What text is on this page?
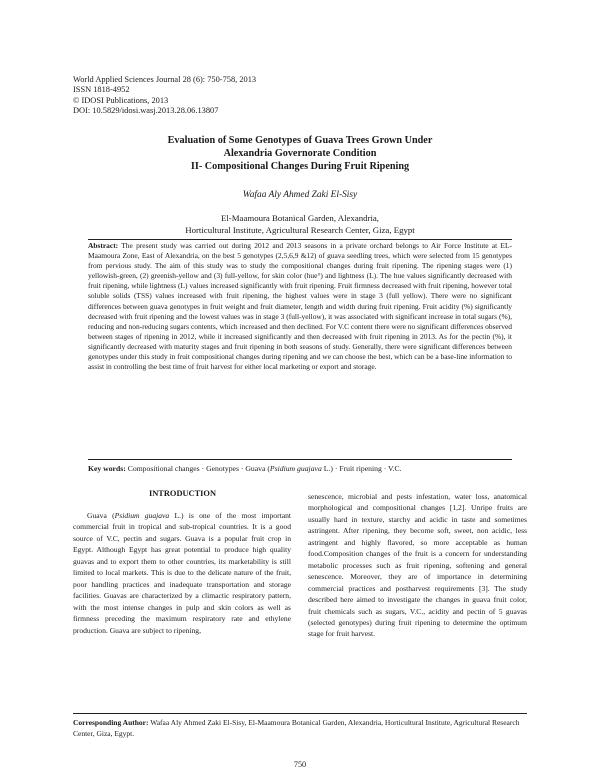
World Applied Sciences Journal 28 (6): 750-758, 2013
ISSN 1818-4952
© IDOSI Publications, 2013
DOI: 10.5829/idosi.wasj.2013.28.06.13807
Evaluation of Some Genotypes of Guava Trees Grown Under
Alexandria Governorate Condition
II- Compositional Changes During Fruit Ripening
Wafaa Aly Ahmed Zaki El-Sisy
El-Maamoura Botanical Garden, Alexandria,
Horticultural Institute, Agricultural Research Center, Giza, Egypt
Abstract: The present study was carried out during 2012 and 2013 seasons in a private orchard belongs to Air Force Institute at EL-Maamoura Zone, East of Alexandria, on the best 5 genotypes (2,5,6,9 &12) of guava seedling trees, which were selected from 15 genotypes from pervious study. The aim of this study was to study the compositional changes during fruit ripening. The ripening stages were (1) yellowish-green, (2) greenish-yellow and (3) full-yellow, for skin color (hue°) and lightness (L). The hue values significantly decreased with fruit ripening, while lightness (L) values increased significantly with fruit ripening. Fruit firmness decreased with fruit ripening, however total soluble solids (TSS) values increased with fruit ripening, the highest values were in stage 3 (full yellow). There were no significant differences between guava genotypes in fruit weight and fruit diameter, length and width during fruit ripening. Fruit acidity (%) significantly decreased with fruit ripening and the lowest values was in stage 3 (full-yellow), it was associated with significant increase in total sugars (%), reducing and non-reducing sugars contents, which increased and then declined. For V.C content there were no significant differences observed between stages of ripening in 2012, while it increased significantly and then decreased with fruit ripening in 2013. As for the pectin (%), it significantly decreased with maturity stages and fruit ripening in both seasons of study. Generally, there were significant differences between genotypes under this study in fruit compositional changes during ripening and we can choose the best, which can be a base-line information to assist in controlling the best time of fruit harvest for either local marketing or export and storage.
Key words: Compositional changes · Genotypes · Guava (Psidium guajava L.) · Fruit ripening · V.C.
INTRODUCTION
Guava (Psidium guajava L.) is one of the most important commercial fruit in tropical and sub-tropical countries. It is a good source of V.C, pectin and sugars. Guava is a popular fruit crop in Egypt. Although Egypt has great potential to produce high quality guavas and to export them to other countries, its marketability is still limited to local markets. This is due to the delicate nature of the fruit, poor handling practices and inadequate transportation and storage facilities. Guavas are characterized by a climactic respiratory pattern, with the most intense changes in pulp and skin colors as well as firmness preceding the maximum respiratory rate and ethylene production. Guava are subject to ripening,

senescence, microbial and pests infestation, water loss, anatomical morphological and compositional changes [1,2]. Unripe fruits are usually hard in texture, starchy and acidic in taste and sometimes astringent. After ripening, they become soft, sweet, non acidic, less astringent and highly flavored, so more acceptable as human food.Composition changes of the fruit is a concern for understanding metabolic processes such as fruit ripening, softening and general senescence. Moreover, they are of importance in determining commercial practices and postharvest requirements [3]. The study described here aimed to investigate the changes in guava fruit color, fruit chemicals such as sugars, V.C., acidity and pectin of 5 guavas (selected genotypes) during fruit ripening to determine the optimum stage for fruit harvest.

Corresponding Author: Wafaa Aly Ahmed Zaki El-Sisy, El-Maamoura Botanical Garden, Alexandria, Horticultural Institute, Agricultural Research Center, Giza, Egypt.
750
